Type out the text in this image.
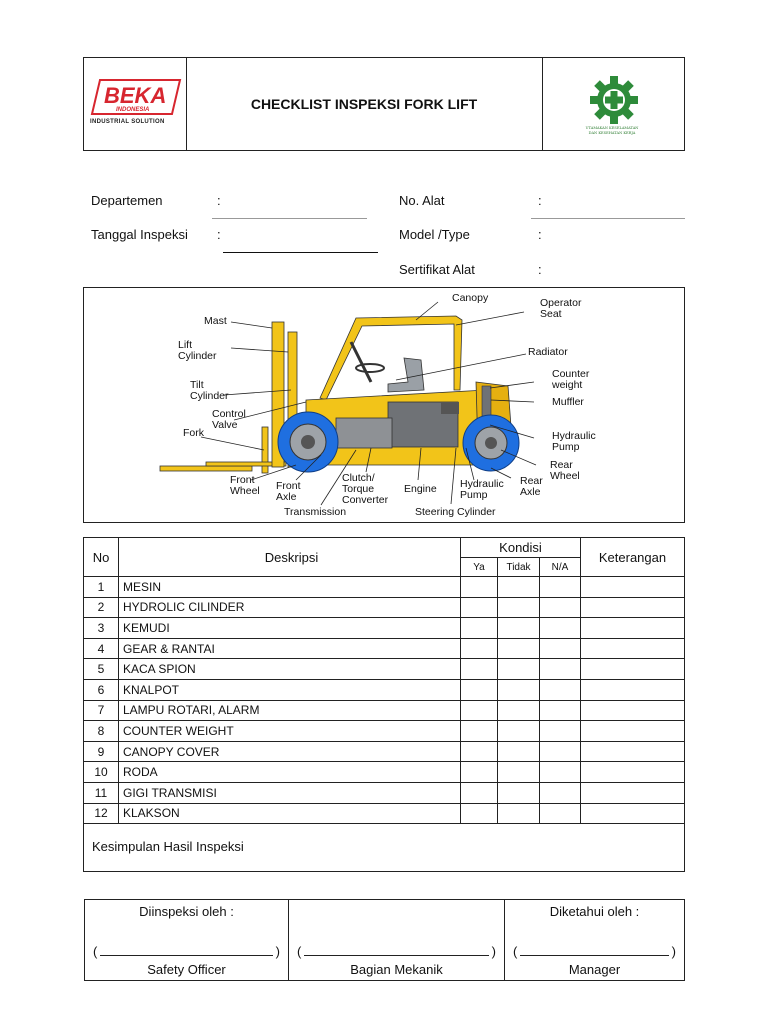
BEKA
INDONESIA
INDUSTRIAL SOLUTION
CHECKLIST INSPEKSI FORK LIFT
UTAMAKAN KESELAMATAN
DAN KESEHATAN KERJA
Departemen	:
Tanggal Inspeksi :
No. Alat	:
Model /Type	:
Sertifikat Alat	:
Mast
Canopy	Operator
Seat
Lift
Cylinder	Radiator
Tilt
Cylinder
Counter
weight
Control
Valve
Muffler
Fork	Hydraulic
Pump
Rear
Wheel
Front
Wheel Front
Axle
Clutch/
Torque
Converter
Engine Hydraulic
Pump
Rear
Axle
Transmission	Steering Cylinder
No	Deskripsi	Kondisi			Keterangan
		Ya	Tidak	N/A	
1	MESIN				
2	HYDROLIC CILINDER				
3	KEMUDI				
4	GEAR & RANTAI				
5	KACA SPION				
6	KNALPOT				
7	LAMPU ROTARI, ALARM				
8	COUNTER WEIGHT				
9	CANOPY COVER				
10	RODA				
11	GIGI TRANSMISI				
12	KLAKSON				
Kesimpulan Hasil Inspeksi
Diinspeksi oleh :
(	)
Safety Officer
(	)
Bagian Mekanik
Diketahui oleh :
(	)
Manager
